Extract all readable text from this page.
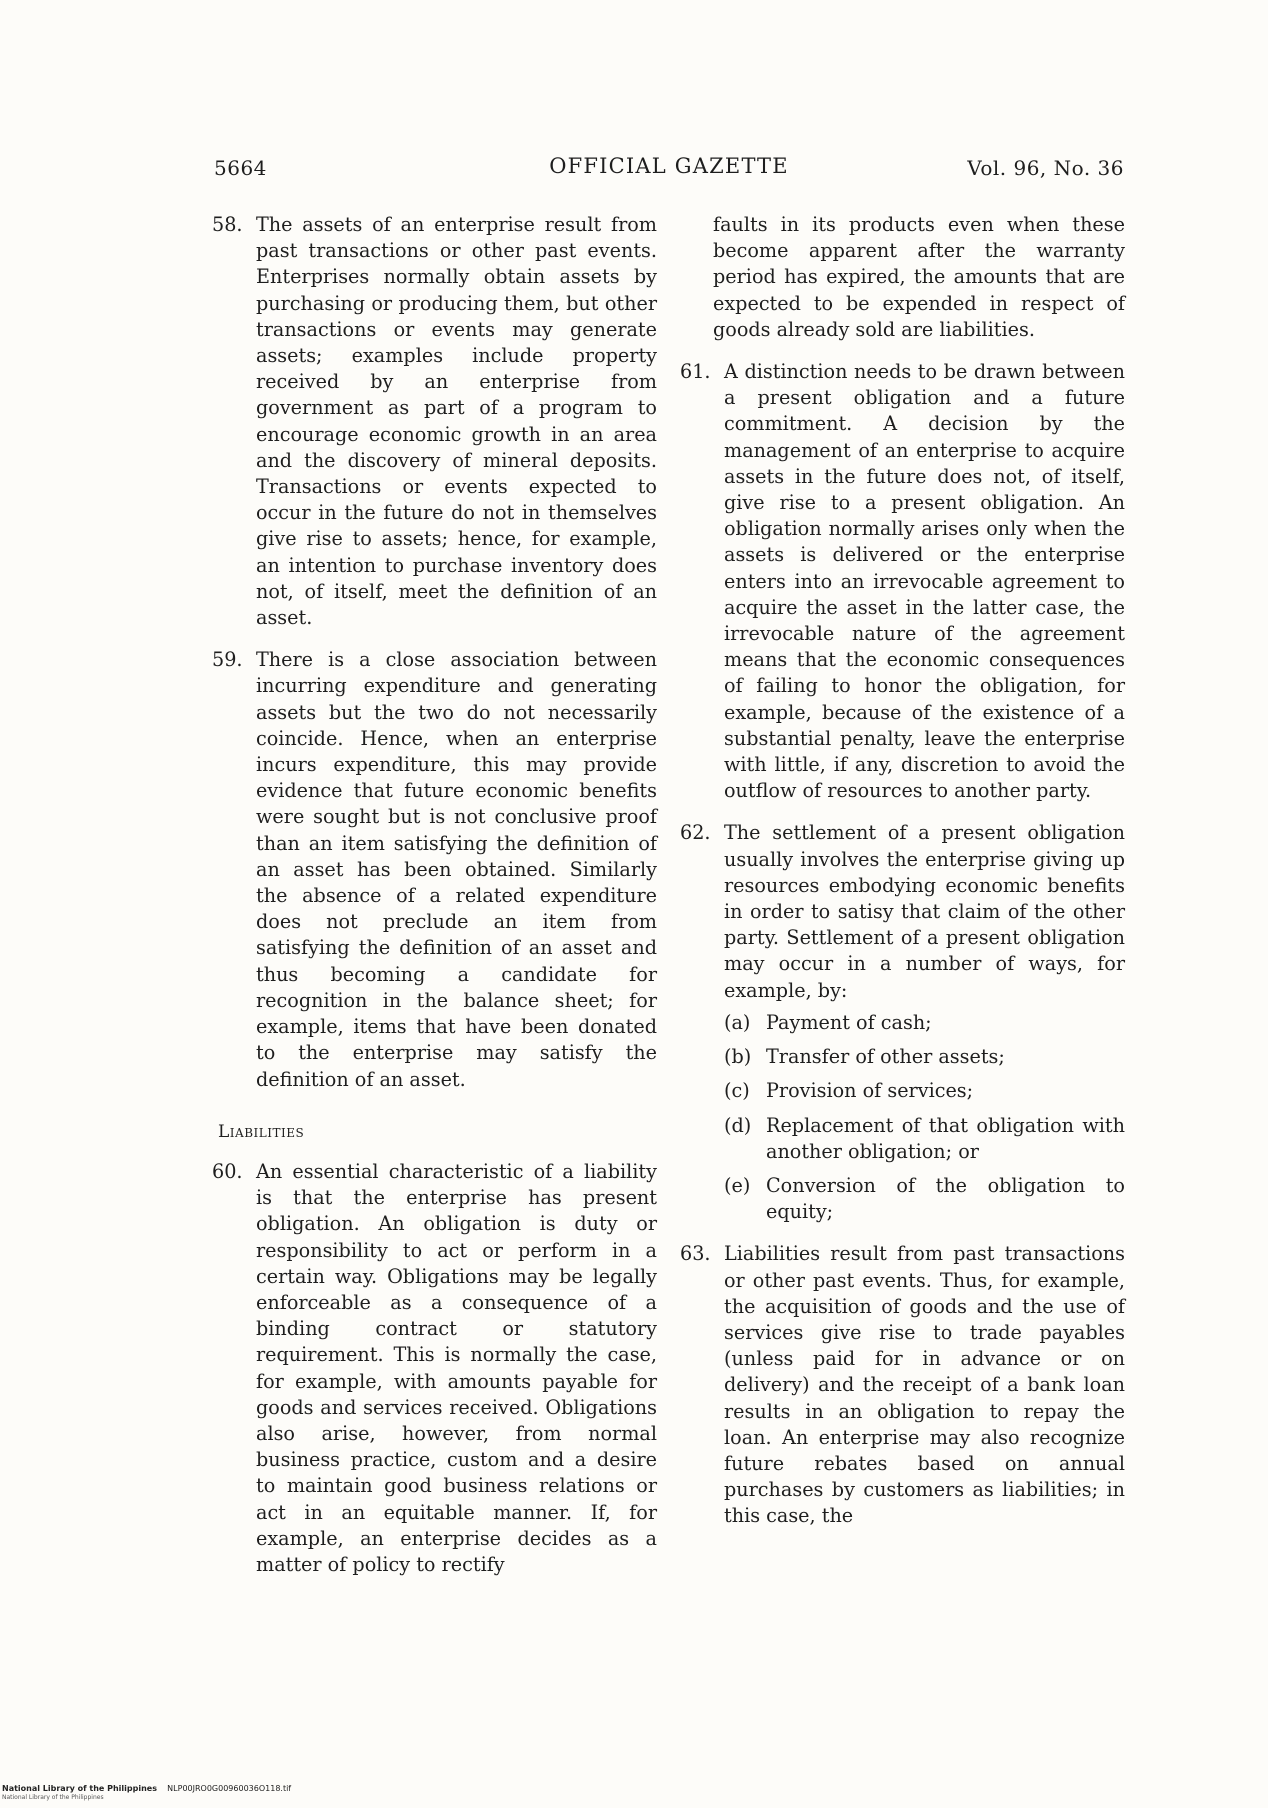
5664	OFFICIAL GAZETTE	Vol. 96, No. 36
58. The assets of an enterprise result from past transactions or other past events. Enterprises normally obtain assets by purchasing or producing them, but other transactions or events may generate assets; examples include property received by an enterprise from government as part of a program to encourage economic growth in an area and the discovery of mineral deposits. Transactions or events expected to occur in the future do not in themselves give rise to assets; hence, for example, an intention to purchase inventory does not, of itself, meet the definition of an asset.
59. There is a close association between incurring expenditure and generating assets but the two do not necessarily coincide. Hence, when an enterprise incurs expenditure, this may provide evidence that future economic benefits were sought but is not conclusive proof than an item satisfying the definition of an asset has been obtained. Similarly the absence of a related expenditure does not preclude an item from satisfying the definition of an asset and thus becoming a candidate for recognition in the balance sheet; for example, items that have been donated to the enterprise may satisfy the definition of an asset.
Liabilities
60. An essential characteristic of a liability is that the enterprise has present obligation. An obligation is duty or responsibility to act or perform in a certain way. Obligations may be legally enforceable as a consequence of a binding contract or statutory requirement. This is normally the case, for example, with amounts payable for goods and services received. Obligations also arise, however, from normal business practice, custom and a desire to maintain good business relations or act in an equitable manner. If, for example, an enterprise decides as a matter of policy to rectify
faults in its products even when these become apparent after the warranty period has expired, the amounts that are expected to be expended in respect of goods already sold are liabilities.
61. A distinction needs to be drawn between a present obligation and a future commitment. A decision by the management of an enterprise to acquire assets in the future does not, of itself, give rise to a present obligation. An obligation normally arises only when the assets is delivered or the enterprise enters into an irrevocable agreement to acquire the asset in the latter case, the irrevocable nature of the agreement means that the economic consequences of failing to honor the obligation, for example, because of the existence of a substantial penalty, leave the enterprise with little, if any, discretion to avoid the outflow of resources to another party.
62. The settlement of a present obligation usually involves the enterprise giving up resources embodying economic benefits in order to satisy that claim of the other party. Settlement of a present obligation may occur in a number of ways, for example, by:
(a) Payment of cash;
(b) Transfer of other assets;
(c) Provision of services;
(d) Replacement of that obligation with another obligation; or
(e) Conversion of the obligation to equity;
63. Liabilities result from past transactions or other past events. Thus, for example, the acquisition of goods and the use of services give rise to trade payables (unless paid for in advance or on delivery) and the receipt of a bank loan results in an obligation to repay the loan. An enterprise may also recognize future rebates based on annual purchases by customers as liabilities; in this case, the
National Library of the Philippines NLP00JRO0G00960036O118.tif
National Library of the Philippines
